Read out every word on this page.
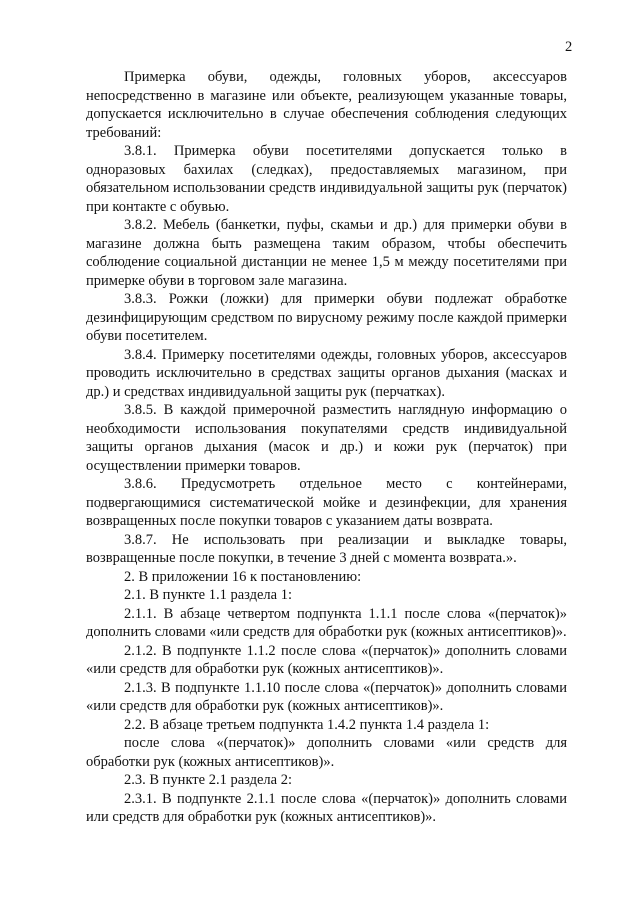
2

Примерка обуви, одежды, головных уборов, аксессуаров непосредственно в магазине или объекте, реализующем указанные товары, допускается исключительно в случае обеспечения соблюдения следующих требований:

3.8.1. Примерка обуви посетителями допускается только в одноразовых бахилах (следках), предоставляемых магазином, при обязательном использовании средств индивидуальной защиты рук (перчаток) при контакте с обувью.

3.8.2. Мебель (банкетки, пуфы, скамьи и др.) для примерки обуви в магазине должна быть размещена таким образом, чтобы обеспечить соблюдение социальной дистанции не менее 1,5 м между посетителями при примерке обуви в торговом зале магазина.

3.8.3. Рожки (ложки) для примерки обуви подлежат обработке дезинфицирующим средством по вирусному режиму после каждой примерки обуви посетителем.

3.8.4. Примерку посетителями одежды, головных уборов, аксессуаров проводить исключительно в средствах защиты органов дыхания (масках и др.) и средствах индивидуальной защиты рук (перчатках).

3.8.5. В каждой примерочной разместить наглядную информацию о необходимости использования покупателями средств индивидуальной защиты органов дыхания (масок и др.) и кожи рук (перчаток) при осуществлении примерки товаров.

3.8.6. Предусмотреть отдельное место с контейнерами, подвергающимися систематической мойке и дезинфекции, для хранения возвращенных после покупки товаров с указанием даты возврата.

3.8.7. Не использовать при реализации и выкладке товары, возвращенные после покупки, в течение 3 дней с момента возврата.».

2. В приложении 16 к постановлению:

2.1. В пункте 1.1 раздела 1:

2.1.1. В абзаце четвертом подпункта 1.1.1 после слова «(перчаток)» дополнить словами «или средств для обработки рук (кожных антисептиков)».

2.1.2. В подпункте 1.1.2 после слова «(перчаток)» дополнить словами «или средств для обработки рук (кожных антисептиков)».

2.1.3. В подпункте 1.1.10 после слова «(перчаток)» дополнить словами «или средств для обработки рук (кожных антисептиков)».

2.2. В абзаце третьем подпункта 1.4.2 пункта 1.4 раздела 1:

после слова «(перчаток)» дополнить словами «или средств для обработки рук (кожных антисептиков)».

2.3. В пункте 2.1 раздела 2:

2.3.1. В подпункте 2.1.1 после слова «(перчаток)» дополнить словами или средств для обработки рук (кожных антисептиков)».
